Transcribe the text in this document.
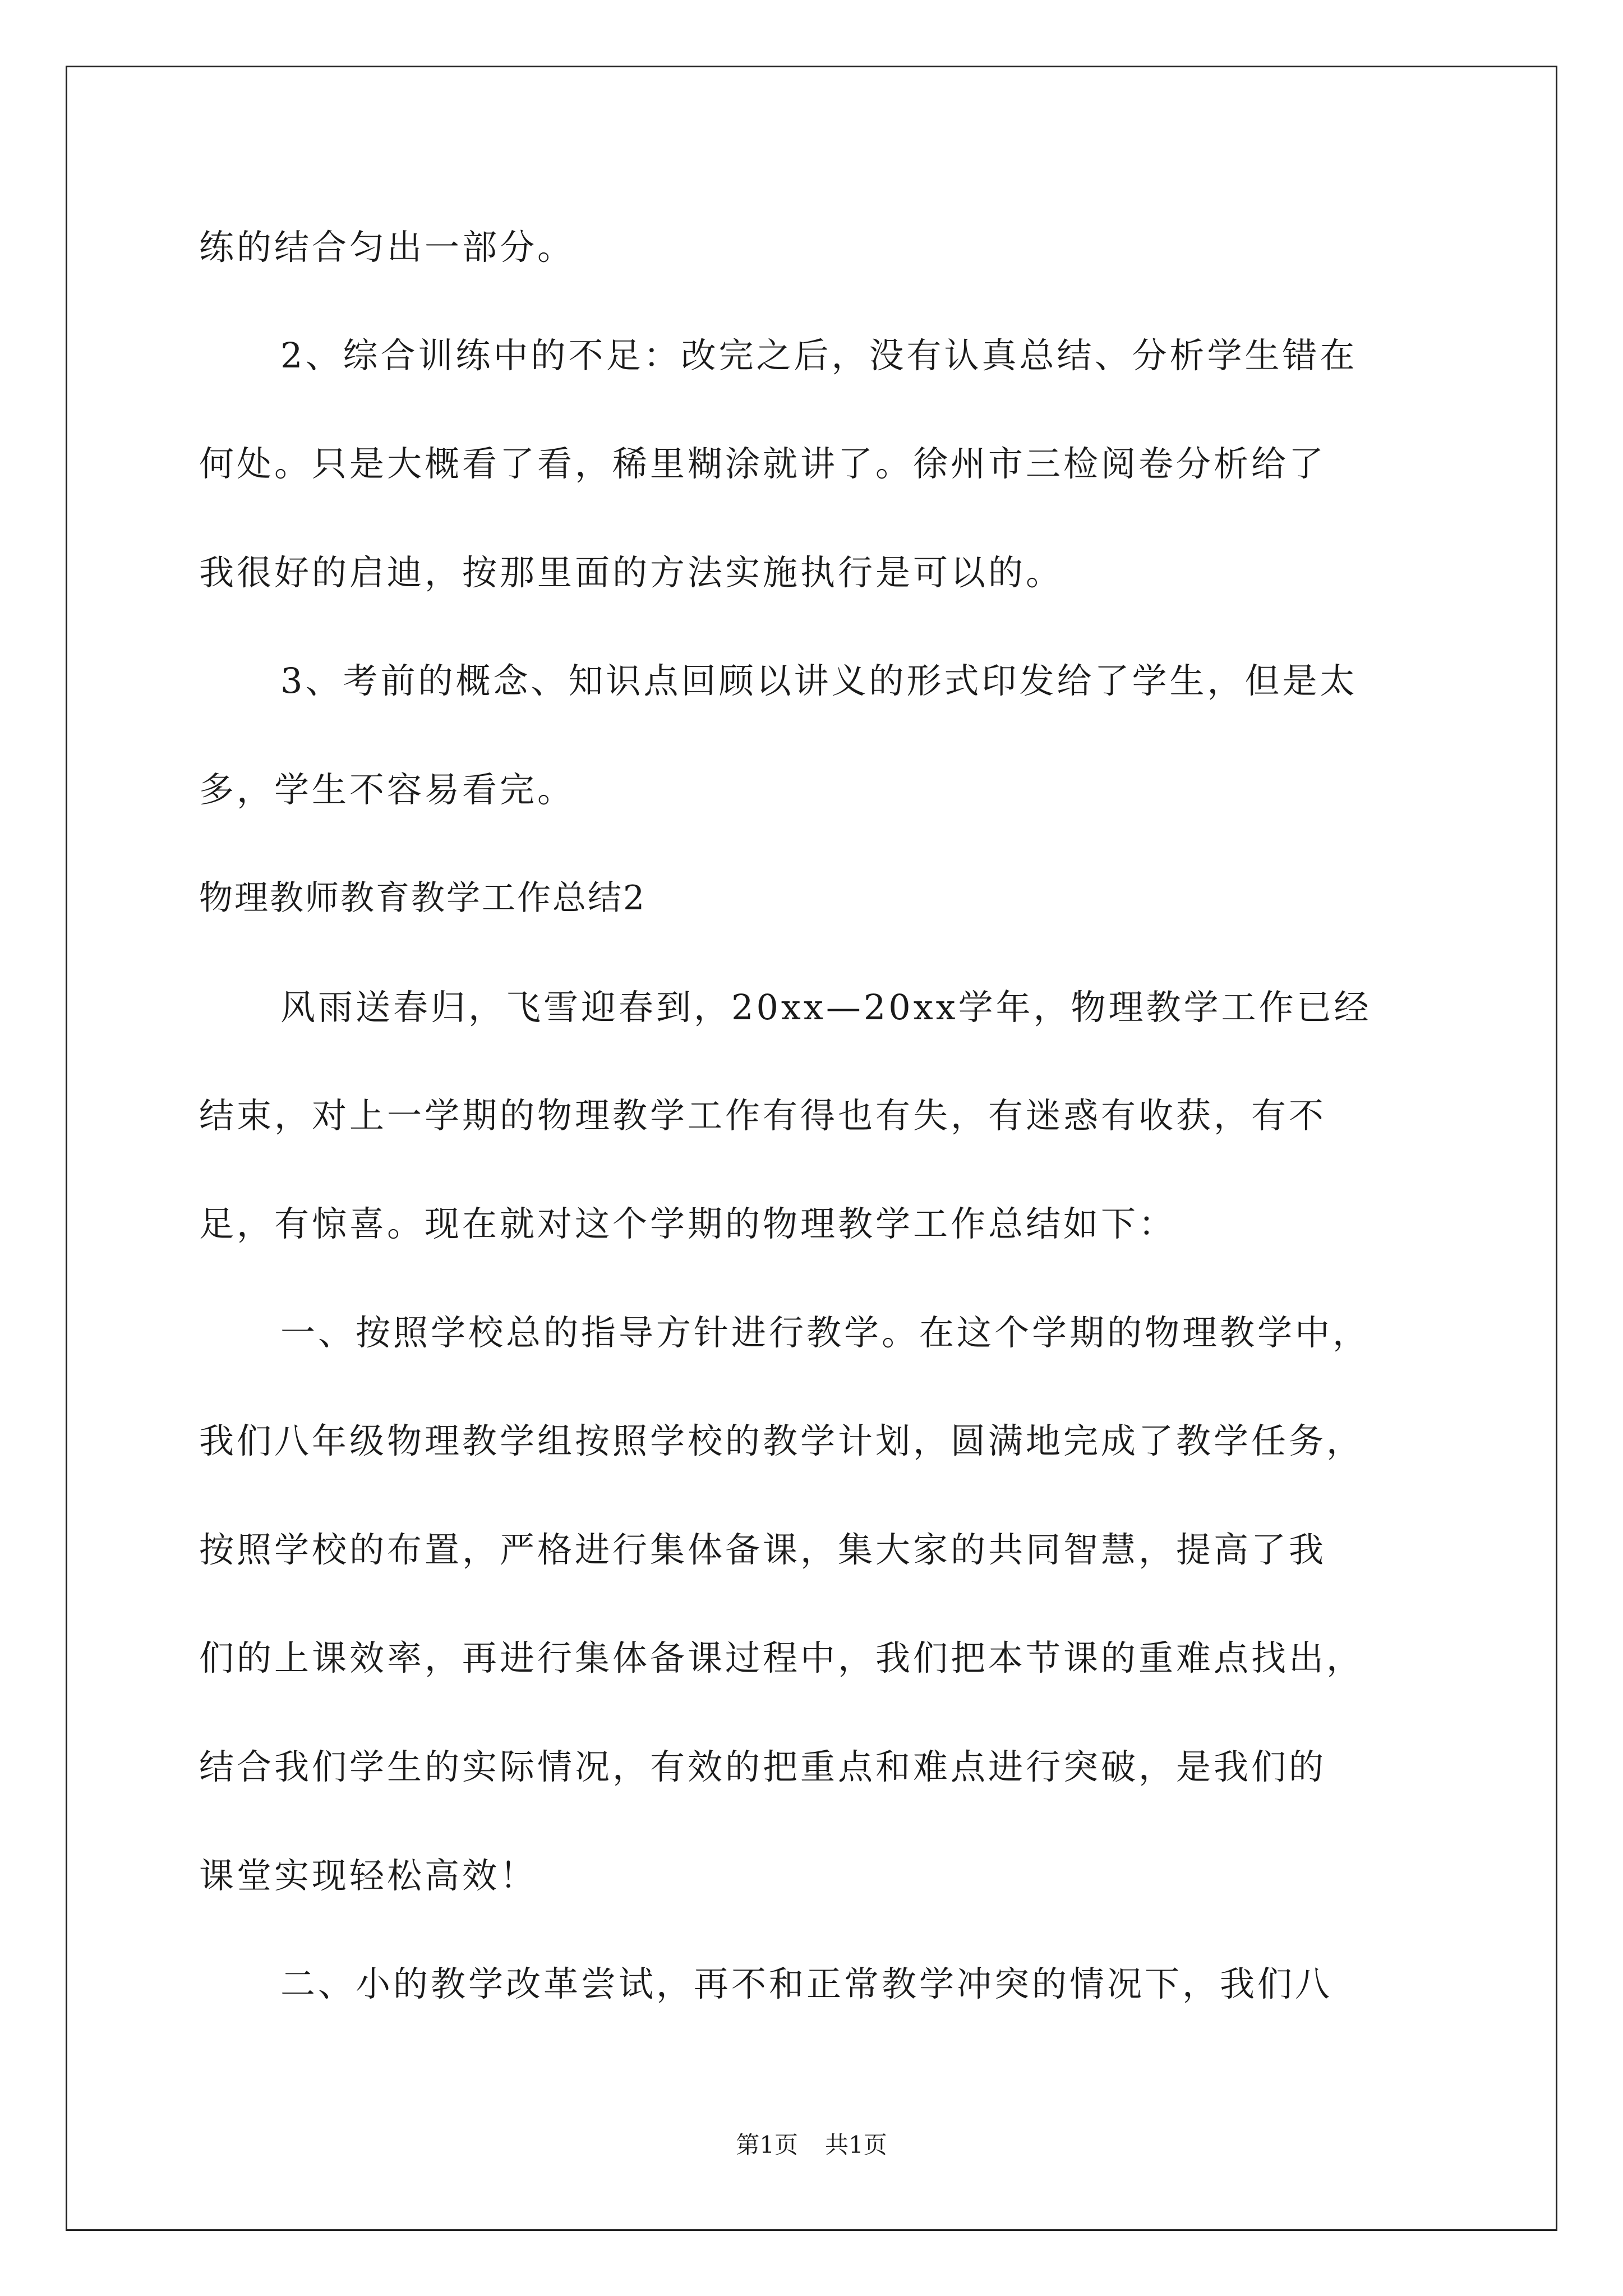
练的结合匀出一部分。

2、综合训练中的不足：改完之后，没有认真总结、分析学生错在

何处。只是大概看了看，稀里糊涂就讲了。徐州市三检阅卷分析给了

我很好的启迪，按那里面的方法实施执行是可以的。

3、考前的概念、知识点回顾以讲义的形式印发给了学生，但是太

多，学生不容易看完。

物理教师教育教学工作总结2

风雨送春归，飞雪迎春到，20xx—20xx学年，物理教学工作已经

结束，对上一学期的物理教学工作有得也有失，有迷惑有收获，有不

足，有惊喜。现在就对这个学期的物理教学工作总结如下：

一、按照学校总的指导方针进行教学。在这个学期的物理教学中，

我们八年级物理教学组按照学校的教学计划，圆满地完成了教学任务，

按照学校的布置，严格进行集体备课，集大家的共同智慧，提高了我

们的上课效率，再进行集体备课过程中，我们把本节课的重难点找出，

结合我们学生的实际情况，有效的把重点和难点进行突破，是我们的

课堂实现轻松高效！

二、小的教学改革尝试，再不和正常教学冲突的情况下，我们八

第1页 共1页
